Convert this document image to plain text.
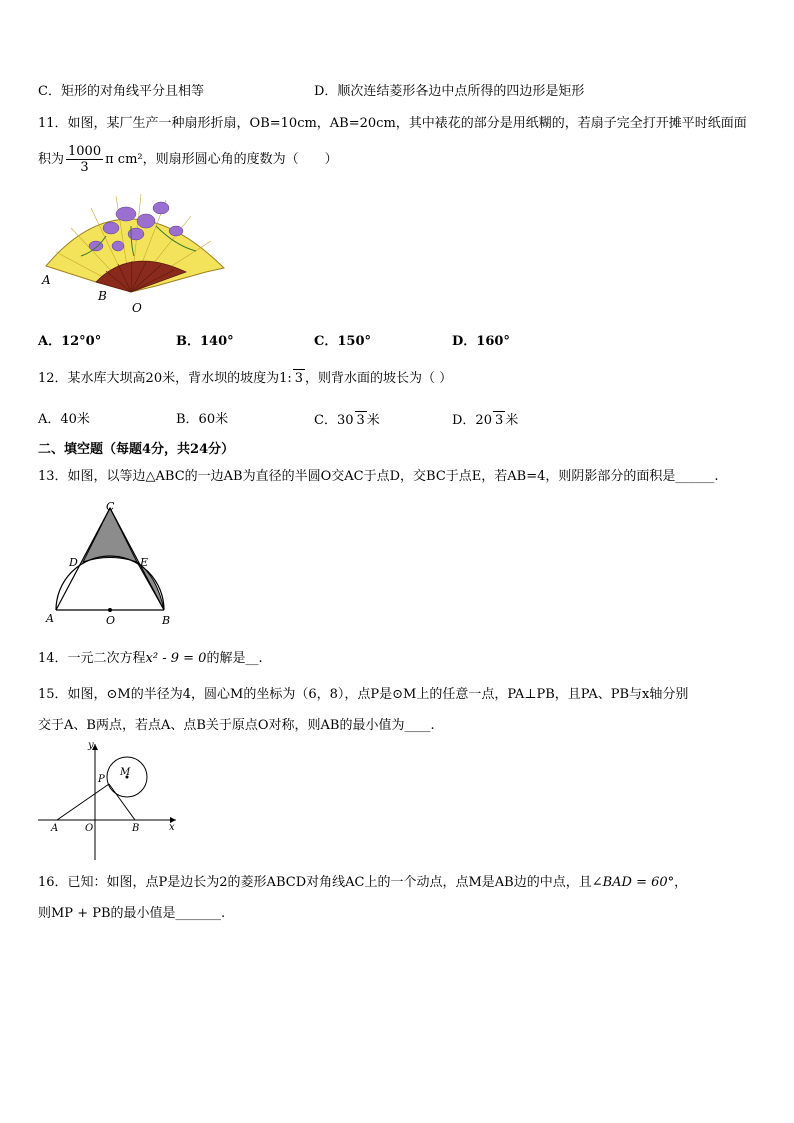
C．矩形的对角线平分且相等	D．顺次连结菱形各边中点所得的四边形是矩形
11．如图，某厂生产一种扇形折扇，OB=10cm，AB=20cm，其中裱花的部分是用纸糊的，若扇子完全打开摊平时纸面面
积为 $\frac{1000}{3}$ π cm²，则扇形圆心角的度数为（　　）
A
B
O
A．12°0°	B．140°	C．150°	D．160°
12．某水库大坝高20米，背水坝的坡度为1: 3 ，则背水面的坡长为（ ）
A．40米	B．60米	C．30 3 米	D．20 3 米
二、填空题（每题4分，共24分）
13．如图，以等边△ABC的一边AB为直径的半圆O交AC于点D，交BC于点E，若AB=4，则阴影部分的面积是______.
C
D	E
A	O	B
14．一元二次方程x² - 9 = 0的解是__.
15．如图，⊙M的半径为4，圆心M的坐标为（6，8），点P是⊙M上的任意一点，PA⊥PB，且PA、PB与x轴分别
交于A、B两点，若点A、点B关于原点O对称，则AB的最小值为____.
y
x
M
P
A	O	B
16．已知：如图，点P是边长为2的菱形ABCD对角线AC上的一个动点，点M是AB边的中点，且∠BAD = 60°，
则MP + PB的最小值是_______.
